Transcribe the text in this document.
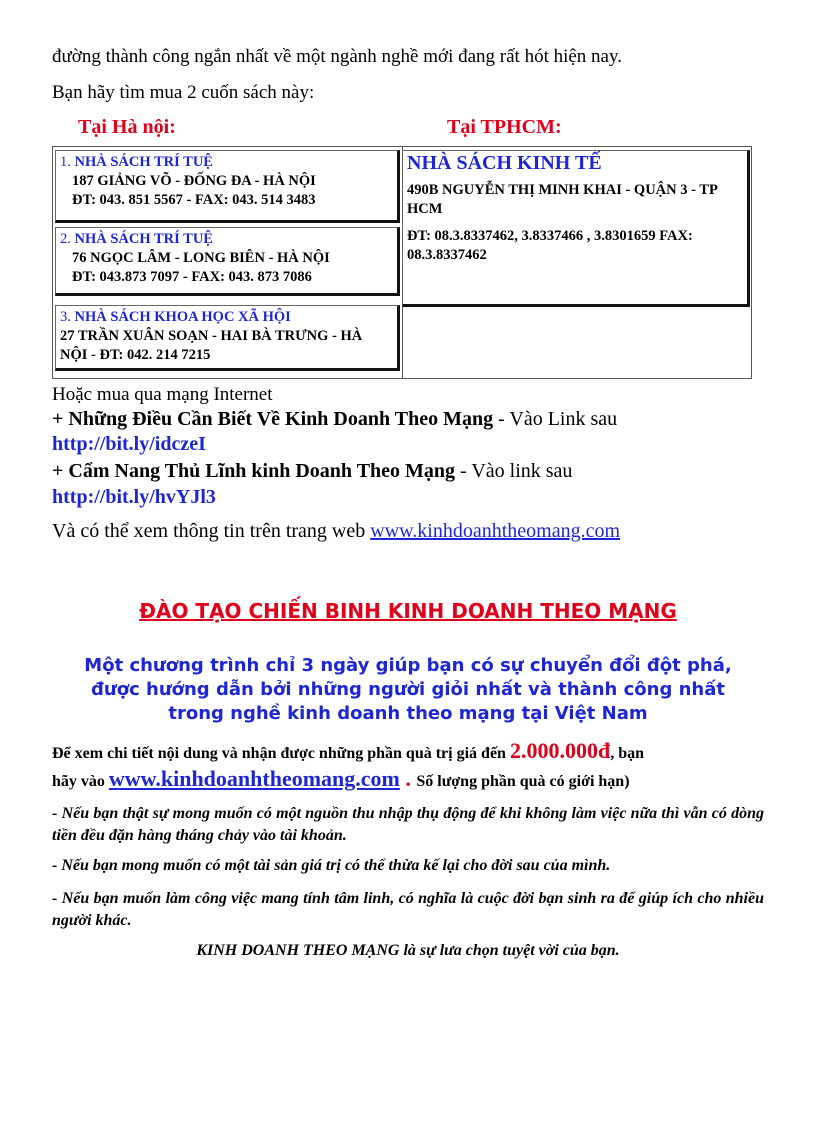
đường thành công ngắn nhất về một ngành nghề mới đang rất hót hiện nay.
Bạn hãy tìm mua 2 cuốn sách này:
Tại Hà nội:	Tại TPHCM:
1. NHÀ SÁCH TRÍ TUỆ
187 GIẢNG VÕ - ĐỐNG ĐA - HÀ NỘI
ĐT: 043. 851 5567 - FAX: 043. 514 3483
2. NHÀ SÁCH TRÍ TUỆ
76 NGỌC LÂM - LONG BIÊN - HÀ NỘI
ĐT: 043.873 7097 - FAX: 043. 873 7086
3. NHÀ SÁCH KHOA HỌC XÃ HỘI
27 TRẦN XUÂN SOẠN - HAI BÀ TRƯNG - HÀ
NỘI - ĐT: 042. 214 7215
NHÀ SÁCH KINH TẾ
490B NGUYỄN THỊ MINH KHAI - QUẬN 3 - TP HCM
ĐT: 08.3.8337462, 3.8337466 , 3.8301659 FAX: 08.3.8337462
Hoặc mua qua mạng Internet
+ Những Điều Cần Biết Về Kinh Doanh Theo Mạng - Vào Link sau
http://bit.ly/idczeI
+ Cẩm Nang Thủ Lĩnh kinh Doanh Theo Mạng - Vào link sau
http://bit.ly/hvYJl3
Và có thể xem thông tin trên trang web www.kinhdoanhtheomang.com
ĐÀO TẠO CHIẾN BINH KINH DOANH THEO MẠNG
Một chương trình chỉ 3 ngày giúp bạn có sự chuyển đổi đột phá,
được hướng dẫn bởi những người giỏi nhất và thành công nhất
trong nghề kinh doanh theo mạng tại Việt Nam
Để xem chi tiết nội dung và nhận được những phần quà trị giá đến 2.000.000đ, bạn
hãy vào www.kinhdoanhtheomang.com . Số lượng phần quà có giới hạn)
- Nếu bạn thật sự mong muốn có một nguồn thu nhập thụ động để khi không làm việc nữa thì vẫn có dòng tiền đều đặn hàng tháng chảy vào tài khoản.
- Nếu bạn mong muốn có một tài sản giá trị có thể thừa kế lại cho đời sau của mình.
- Nếu bạn muốn làm công việc mang tính tâm linh, có nghĩa là cuộc đời bạn sinh ra để giúp ích cho nhiều người khác.
KINH DOANH THEO MẠNG là sự lưa chọn tuyệt vời của bạn.
